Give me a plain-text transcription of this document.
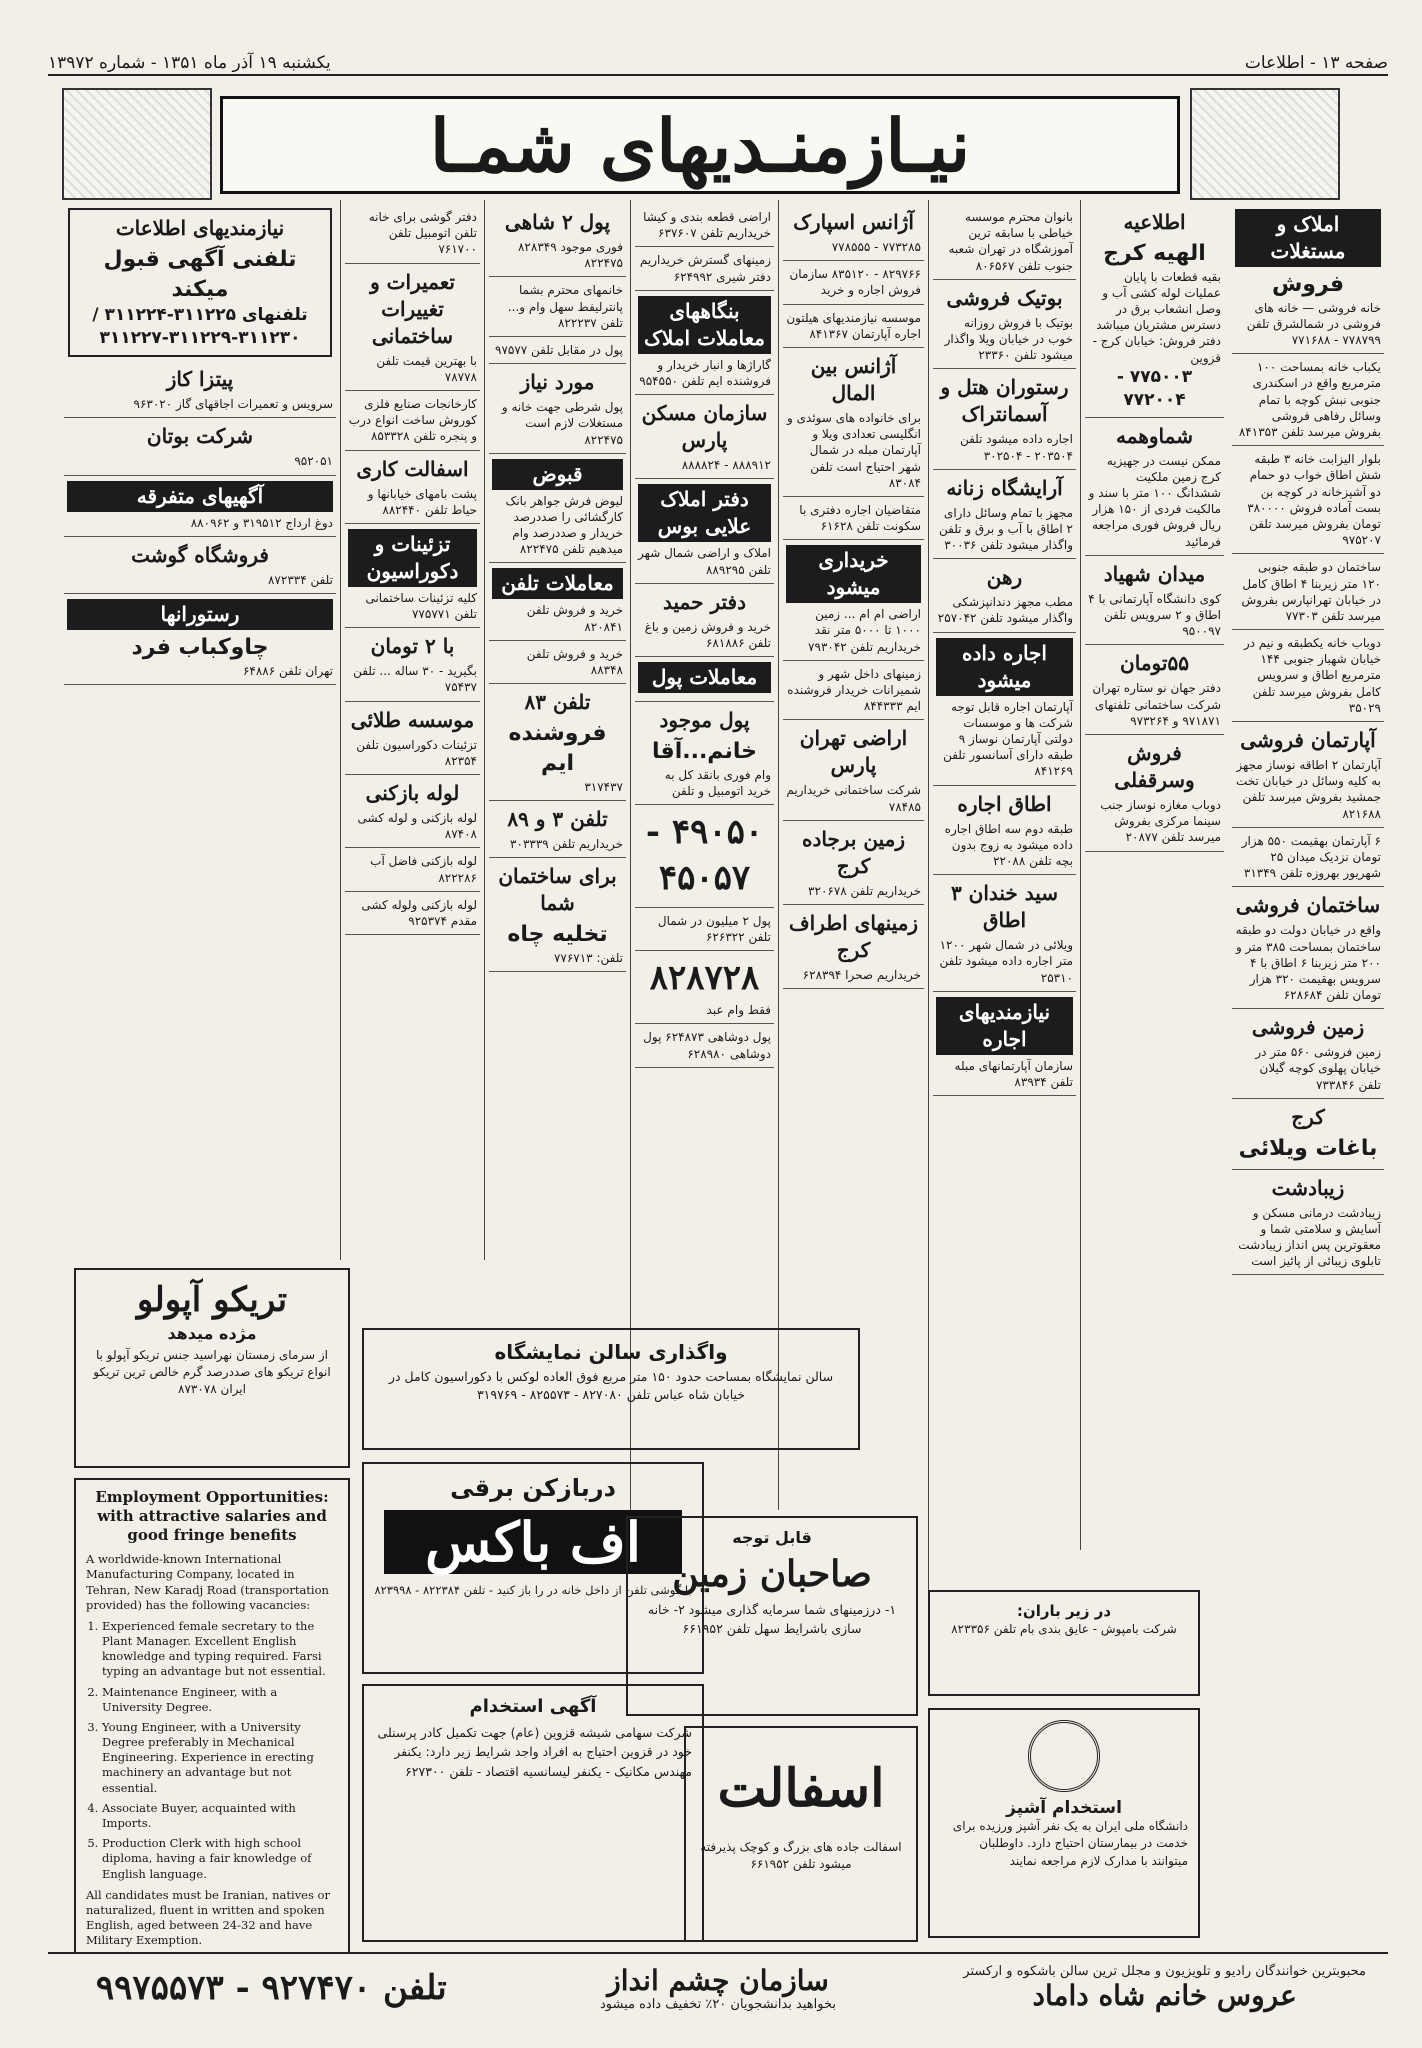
یکشنبه ۱۹ آذر ماه ۱۳۵۱ - شماره ۱۳۹۷۲	صفحه ۱۳ - اطلاعات
نیـازمنـدیهای شمـا
املاک و مستغلات
فروش
خانه فروشی — خانه های فروشی در شمالشرق تلفن ۷۷۸۷۹۹ - ۷۷۱۶۸۸
یکباب خانه بمساحت ۱۰۰ مترمربع واقع در اسکندری جنوبی نبش کوچه با تمام وسائل رفاهی فروشی بفروش میرسد تلفن ۸۴۱۳۵۳
بلوار الیزابت خانه ۳ طبقه شش اطاق خواب دو حمام دو آشپزخانه در کوچه بن بست آماده فروش ۳۸۰۰۰۰ تومان بفروش میرسد تلفن ۹۷۵۲۰۷
ساختمان دو طبقه جنوبی ۱۲۰ متر زیربنا ۴ اطاق کامل در خیابان تهرانپارس بفروش میرسد تلفن ۷۷۳۰۳
دوباب خانه یکطبقه و نیم در خیابان شهباز جنوبی ۱۴۴ مترمربع اطاق و سرویس کامل بفروش میرسد تلفن ۳۵۰۲۹
آپارتمان فروشی
آپارتمان ۲ اطاقه نوساز مجهز به کلیه وسائل در خیابان تخت جمشید بفروش میرسد تلفن ۸۲۱۶۸۸
۶ آپارتمان بهقیمت ۵۵۰ هزار تومان نزدیک میدان ۲۵ شهریور بهروزه تلفن ۳۱۳۴۹
ساختمان فروشی
واقع در خیابان دولت دو طبقه ساختمان بمساحت ۳۸۵ متر و ۲۰۰ متر زیربنا ۶ اطاق با ۴ سرویس بهقیمت ۳۲۰ هزار تومان تلفن ۶۲۸۶۸۴
زمین فروشی
زمین فروشی ۵۶۰ متر در خیابان پهلوی کوچه گیلان تلفن ۷۳۳۸۴۶
کرج
باغات ویلائی
زیبادشت
زیبادشت درمانی مسکن و آسایش و سلامتی شما و معقوترین پس انداز زیبادشت تابلوی زیبائی از پائیز است
اطلاعیه
الهیه کرج
بقیه قطعات با پایان عملیات لوله کشی آب و وصل انشعاب برق در دسترس مشتریان میباشد دفتر فروش: خیابان کرج - قزوین
۷۷۵۰۰۳ - ۷۷۲۰۰۴
شماوهمه
ممکن نیست در جهیزیه کرج زمین ملکیت ششدانگ ۱۰۰ متر با سند و مالکیت فردی از ۱۵۰ هزار ریال فروش فوری مراجعه فرمائید
میدان شهیاد
کوی دانشگاه آپارتمانی با ۴ اطاق و ۲ سرویس تلفن ۹۵۰۰۹۷
۵۵تومان
دفتر جهان نو ستاره تهران شرکت ساختمانی تلفنهای ۹۷۱۸۷۱ و ۹۷۳۲۶۴
فروش وسرقفلی
دوباب مغازه نوساز جنب سینما مرکزی بفروش میرسد تلفن ۲۰۸۷۷
بانوان محترم موسسه خیاطی با سابقه ترین آموزشگاه در تهران شعبه جنوب تلفن ۸۰۶۵۶۷
بوتیک فروشی
بوتیک با فروش روزانه خوب در خیابان ویلا واگذار میشود تلفن ۲۳۳۶۰
رستوران هتل و آسمانتراک
اجاره داده میشود تلفن ۲۰۳۵۰۴ - ۳۰۲۵۰۴
آرایشگاه زنانه
مجهز با تمام وسائل دارای ۲ اطاق با آب و برق و تلفن واگذار میشود تلفن ۳۰۰۳۶
رهن
مطب مجهز دندانپزشکی واگذار میشود تلفن ۲۵۷۰۴۲
اجاره داده میشود
آپارتمان اجاره قابل توجه شرکت ها و موسسات دولتی آپارتمان نوساز ۹ طبقه دارای آسانسور تلفن ۸۴۱۲۶۹
اطاق اجاره
طبقه دوم سه اطاق اجاره داده میشود به زوج بدون بچه تلفن ۲۲۰۸۸
سید خندان ۳ اطاق
ویلائی در شمال شهر ۱۲۰۰ متر اجاره داده میشود تلفن ۲۵۳۱۰
نیازمندیهای اجاره
سازمان آپارتمانهای مبله تلفن ۸۳۹۳۴
آژانس اسپارک
۷۷۳۲۸۵ - ۷۷۸۵۵۵
۸۲۹۷۶۶ - ۸۳۵۱۲۰ سازمان فروش اجاره و خرید
موسسه نیازمندیهای هیلتون اجاره آپارتمان ۸۴۱۳۶۷
آژانس بین المال
برای خانواده های سوئدی و انگلیسی تعدادی ویلا و آپارتمان مبله در شمال شهر احتیاج است تلفن ۸۳۰۸۴
متقاضیان اجاره دفتری با سکونت تلفن ۶۱۶۲۸
خریداری میشود
اراضی ام ام ... زمین ۱۰۰۰ تا ۵۰۰۰ متر نقد خریداریم تلفن ۷۹۳۰۴۲
زمینهای داخل شهر و شمیرانات خریدار فروشنده ایم ۸۴۴۳۳۳
اراضی تهران پارس
شرکت ساختمانی خریداریم ۷۸۴۸۵
زمین برجاده کرج
خریداریم تلفن ۳۲۰۶۷۸
زمینهای اطراف کرج
خریداریم صحرا ۶۲۸۳۹۴
اراضی قطعه بندی و کیشا خریداریم تلفن ۶۳۷۶۰۷
زمینهای گسترش خریداریم دفتر شیری ۶۲۴۹۹۲
بنگاههای معاملات املاک
گاراژها و انبار خریدار و فروشنده ایم تلفن ۹۵۴۵۵۰
سازمان مسکن پارس
۸۸۸۹۱۲ - ۸۸۸۸۲۴
دفتر املاک علایی بوس
املاک و اراضی شمال شهر تلفن ۸۸۹۲۹۵
دفتر حمید
خرید و فروش زمین و باغ تلفن ۶۸۱۸۸۶
معاملات پول
پول موجود
خانم...آقا
وام فوری بانقد کل به خرید اتومبیل و تلفن
۴۹۰۵۰ - ۴۵۰۵۷
پول ۲ میلیون در شمال تلفن ۶۲۶۳۲۲
۸۲۸۷۲۸
فقط وام عبد
پول دوشاهی ۶۲۴۸۷۳ پول دوشاهی ۶۲۸۹۸۰
پول ۲ شاهی
فوری موجود ۸۲۸۳۴۹ ۸۲۲۴۷۵
خانمهای محترم بشما پانترلیفط سهل وام و... تلفن ۸۲۲۲۳۷
پول در مقابل تلفن ۹۷۵۷۷
مورد نیاز
پول شرطی جهت خانه و مستغلات لازم است ۸۲۲۴۷۵
قبوض
لیوض فرش جواهر بانک کارگشائی را صددرصد خریدار و صددرصد وام میدهیم تلفن ۸۲۲۴۷۵
معاملات تلفن
خرید و فروش تلفن ۸۲۰۸۴۱
خرید و فروش تلفن ۸۸۳۴۸
تلفن ۸۳
فروشنده ایم
۳۱۷۴۳۷
تلفن ۳ و ۸۹
خریداریم تلفن ۳۰۳۳۳۹
برای ساختمان شما
تخلیه چاه
تلفن: ۷۷۶۷۱۳
دفتر گوشی برای خانه تلفن اتومبیل تلفن ۷۶۱۷۰۰
تعمیرات و تغییرات ساختمانی
با بهترین قیمت تلفن ۷۸۷۷۸
کارخانجات صنایع فلزی کوروش ساخت انواع درب و پنجره تلفن ۸۵۳۳۲۸
اسفالت کاری
پشت بامهای خیابانها و حیاط تلفن ۸۸۲۴۴۰
تزئینات و دکوراسیون
کلیه تزئینات ساختمانی تلفن ۷۷۵۷۷۱
با ۲ تومان
بگیرید - ۳۰ ساله ... تلفن ۷۵۴۳۷
موسسه طلائی
تزئینات دکوراسیون تلفن ۸۲۳۵۴
لوله بازکنی
لوله بازکنی و لوله کشی ۸۷۴۰۸
لوله بازکنی فاضل آب ۸۲۲۲۸۶
لوله بازکنی ولوله کشی مقدم ۹۲۵۳۷۴
نیازمندیهای اطلاعات
تلفنی آگهی قبول میکند
تلفنهای ۳۱۱۲۲۵-۳۱۱۲۲۴ / ۳۱۱۲۳۰-۳۱۱۲۲۹-۳۱۱۲۲۷
پیتزا کاز
سرویس و تعمیرات اجاقهای گاز ۹۶۳۰۲۰
شرکت بوتان
۹۵۲۰۵۱
آگهیهای متفرقه
دوغ ارداج ۳۱۹۵۱۲ و ۸۸۰۹۶۲
فروشگاه گوشت
تلفن ۸۷۲۳۳۴
رستورانها
چاوکباب فرد
تهران تلفن ۶۴۸۸۶
تریکو آپولو
مژده میدهد
از سرمای زمستان نهراسید جنس تریکو آپولو با انواع تریکو های صددرصد گرم خالص ترین تریکو ایران ۸۷۳۰۷۸
واگذاری سالن نمایشگاه
سالن نمایشگاه بمساحت حدود ۱۵۰ متر مربع فوق العاده لوکس با دکوراسیون کامل در خیابان شاه عباس تلفن ۸۲۷۰۸۰ - ۸۲۵۵۷۳ - ۳۱۹۷۶۹
دربازکن برقی
اف باکس
با گوشی تلفن از داخل خانه در را باز کنید - تلفن ۸۲۲۳۸۴ - ۸۲۳۹۹۸
آگهی استخدام
شرکت سهامی شیشه قزوین (عام) جهت تکمیل کادر پرسنلی خود در قزوین احتیاج به افراد واجد شرایط زیر دارد: یکنفر مهندس مکانیک - یکنفر لیسانسیه اقتصاد - تلفن ۶۲۷۳۰۰
قابل توجه
صاحبان زمین
۱- درزمینهای شما سرمایه گذاری میشود ۲- خانه سازی باشرایط سهل تلفن ۶۶۱۹۵۲
اسفالت
اسفالت جاده های بزرگ و کوچک پذیرفته میشود تلفن ۶۶۱۹۵۲
در زیر باران:
شرکت بامپوش - عایق بندی بام تلفن ۸۲۳۳۵۶
استخدام آشپز
دانشگاه ملی ایران به یک نفر آشپز ورزیده برای خدمت در بیمارستان احتیاج دارد. داوطلبان میتوانند با مدارک لازم مراجعه نمایند
Employment Opportunities: with attractive salaries and good fringe benefits

A worldwide-known International Manufacturing Company, located in Tehran, New Karadj Road (transportation provided) has the following vacancies:

1. Experienced female secretary to the Plant Manager. Excellent English knowledge and typing required. Farsi typing an advantage but not essential.
2. Maintenance Engineer, with a University Degree.
3. Young Engineer, with a University Degree preferably in Mechanical Engineering. Experience in erecting machinery an advantage but not essential.
4. Associate Buyer, acquainted with Imports.
5. Production Clerk with high school diploma, having a fair knowledge of English language.

All candidates must be Iranian, natives or naturalized, fluent in written and spoken English, aged between 24-32 and have Military Exemption.

محبوبترین خوانندگان رادیو و تلویزیون و مجلل ترین سالن باشکوه و ارکستر
عروس خانم شاه داماد
سازمان چشم انداز
بخواهید بدانشجویان ۲۰٪ تخفیف داده میشود
تلفن ۹۲۷۴۷۰ - ۹۹۷۵۵۷۳
